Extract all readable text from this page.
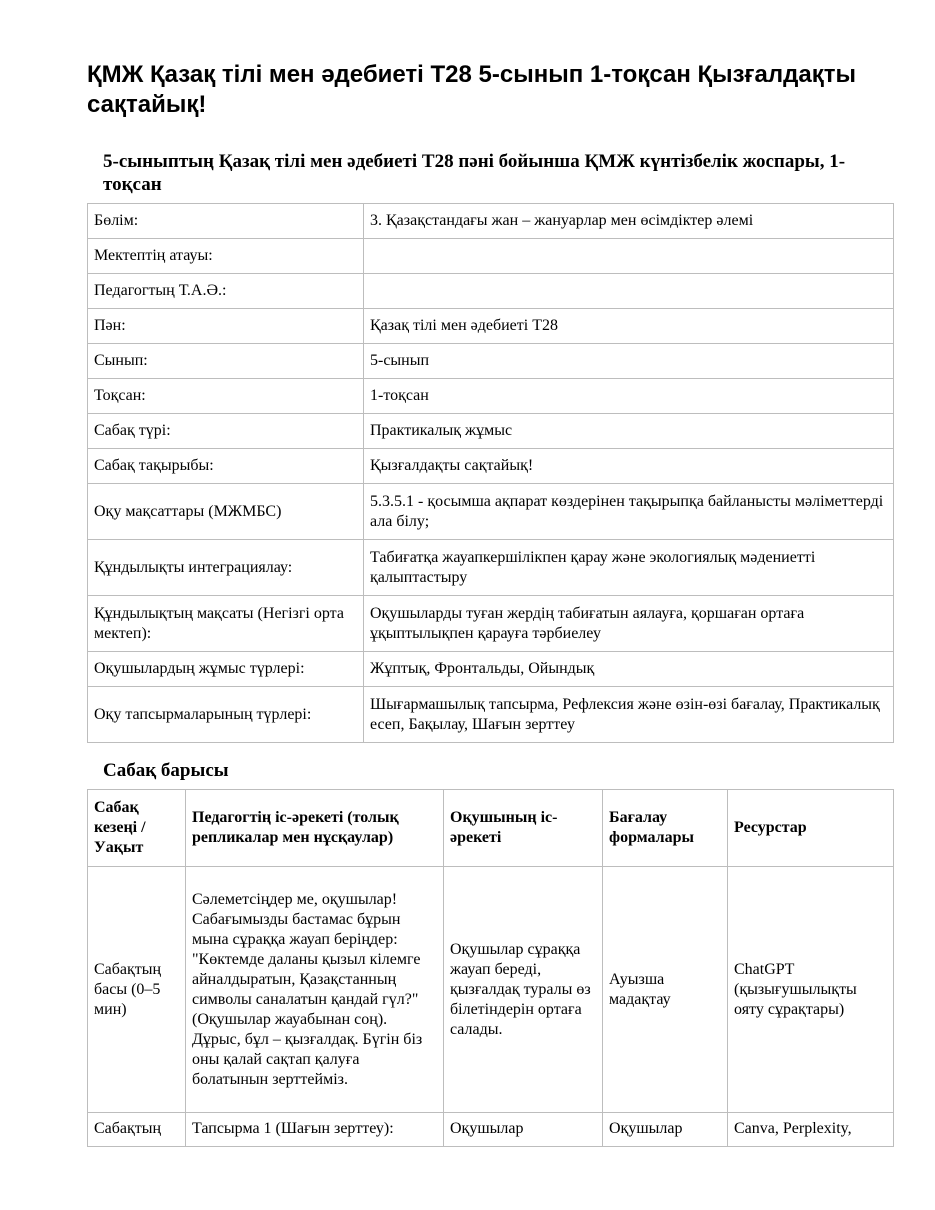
ҚМЖ Қазақ тілі мен әдебиеті Т28 5-сынып 1-тоқсан Қызғалдақты сақтайық!
5-сыныптың Қазақ тілі мен әдебиеті Т28 пәні бойынша ҚМЖ күнтізбелік жоспары, 1-тоқсан
Бөлім:	3. Қазақстандағы жан – жануарлар мен өсімдіктер әлемі
Мектептің атауы:	
Педагогтың Т.А.Ә.:	
Пән:	Қазақ тілі мен әдебиеті Т28
Сынып:	5-сынып
Тоқсан:	1-тоқсан
Сабақ түрі:	Практикалық жұмыс
Сабақ тақырыбы:	Қызғалдақты сақтайық!
Оқу мақсаттары (МЖМБС)	5.3.5.1 - қосымша ақпарат көздерінен тақырыпқа байланысты мәліметтерді ала білу;
Құндылықты интеграциялау:	Табиғатқа жауапкершілікпен қарау және экологиялық мәдениетті қалыптастыру
Құндылықтың мақсаты (Негізгі орта мектеп):	Оқушыларды туған жердің табиғатын аялауға, қоршаған ортаға ұқыптылықпен қарауға тәрбиелеу
Оқушылардың жұмыс түрлері:	Жұптық, Фронтальды, Ойындық
Оқу тапсырмаларының түрлері:	Шығармашылық тапсырма, Рефлексия және өзін-өзі бағалау, Практикалық есеп, Бақылау, Шағын зерттеу
Сабақ барысы
Сабақ кезеңі / Уақыт	Педагогтің іс-әрекеті (толық репликалар мен нұсқаулар)	Оқушының іс-әрекеті	Бағалау формалары	Ресурстар
Сабақтың басы (0–5 мин)	Сәлеметсіңдер ме, оқушылар! Сабағымызды бастамас бұрын мына сұраққа жауап беріңдер: "Көктемде даланы қызыл кілемге айналдыратын, Қазақстанның символы саналатын қандай гүл?" (Оқушылар жауабынан соң). Дұрыс, бұл – қызғалдақ. Бүгін біз оны қалай сақтап қалуға болатынын зерттейміз.	Оқушылар сұраққа жауап береді, қызғалдақ туралы өз білетіндерін ортаға салады.	Ауызша мадақтау	ChatGPT (қызығушылықты ояту сұрақтары)
Сабақтың	Тапсырма 1 (Шағын зерттеу):	Оқушылар	Оқушылар	Canva, Perplexity,
